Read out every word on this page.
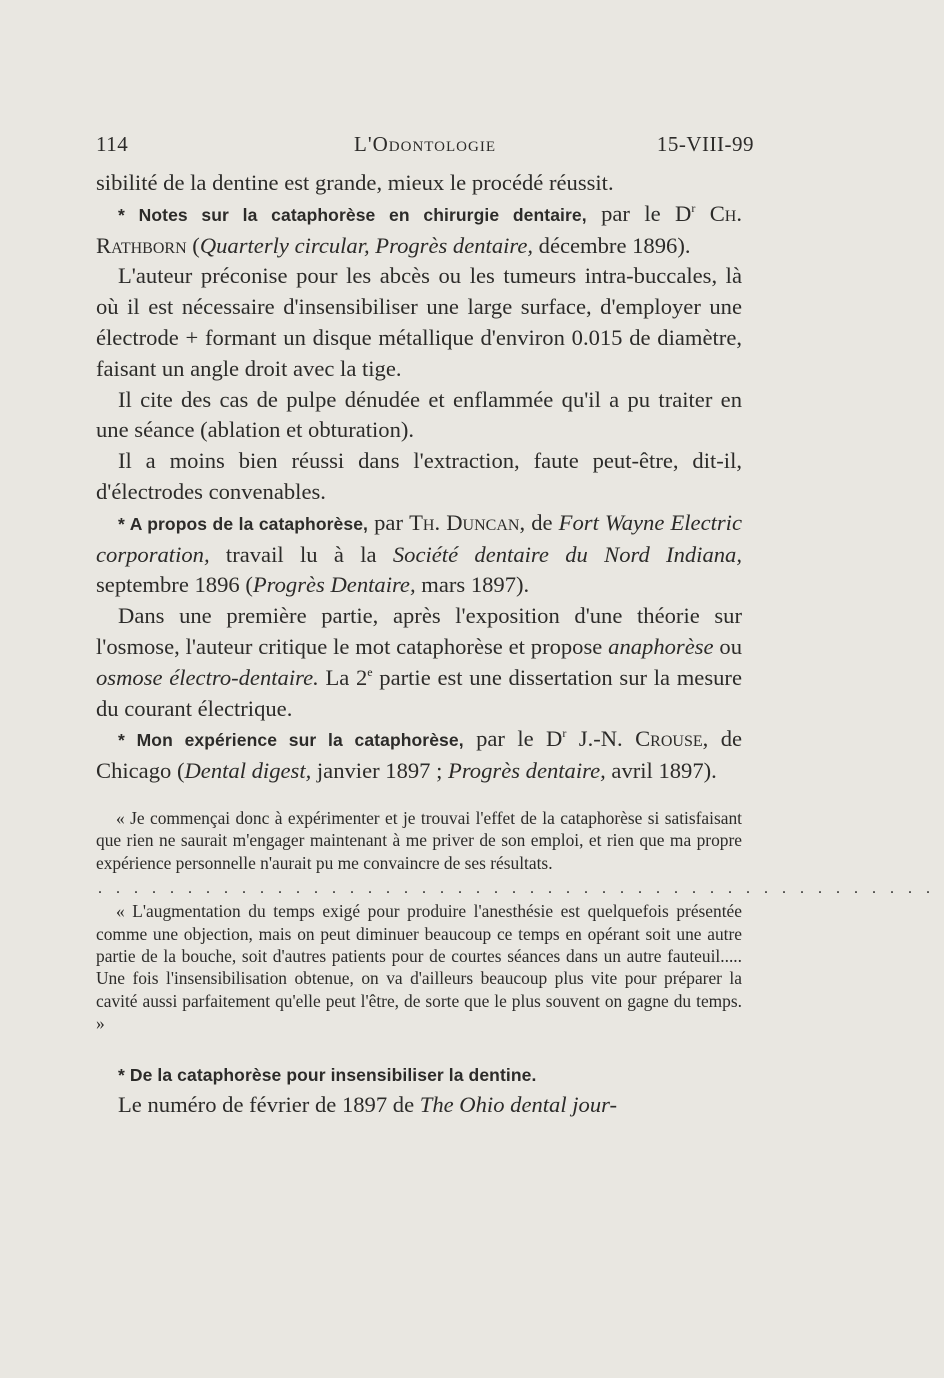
114	L'Odontologie	15-VIII-99

sibilité de la dentine est grande, mieux le procédé réussit.

* Notes sur la cataphorèse en chirurgie dentaire, par le $D^r$ Ch. Rathborn (Quarterly circular, Progrès dentaire, décembre 1896).

L'auteur préconise pour les abcès ou les tumeurs intra-buccales, là où il est nécessaire d'insensibiliser une large surface, d'employer une électrode + formant un disque métallique d'environ 0.015 de diamètre, faisant un angle droit avec la tige.

Il cite des cas de pulpe dénudée et enflammée qu'il a pu traiter en une séance (ablation et obturation).

Il a moins bien réussi dans l'extraction, faute peut-être, dit-il, d'électrodes convenables.

* A propos de la cataphorèse, par Th. Duncan, de Fort Wayne Electric corporation, travail lu à la Société dentaire du Nord Indiana, septembre 1896 (Progrès Dentaire, mars 1897).

Dans une première partie, après l'exposition d'une théorie sur l'osmose, l'auteur critique le mot cataphorèse et propose anaphorèse ou osmose électro-dentaire. La 2e partie est une dissertation sur la mesure du courant électrique.

* Mon expérience sur la cataphorèse, par le $D^r$ J.-N. Crouse, de Chicago (Dental digest, janvier 1897 ; Progrès dentaire, avril 1897).

« Je commençai donc à expérimenter et je trouvai l'effet de la cataphorèse si satisfaisant que rien ne saurait m'engager maintenant à me priver de son emploi, et rien que ma propre expérience personnelle n'aurait pu me convaincre de ses résultats.

...............................................

« L'augmentation du temps exigé pour produire l'anesthésie est quelquefois présentée comme une objection, mais on peut diminuer beaucoup ce temps en opérant soit une autre partie de la bouche, soit d'autres patients pour de courtes séances dans un autre fauteuil..... Une fois l'insensibilisation obtenue, on va d'ailleurs beaucoup plus vite pour préparer la cavité aussi parfaitement qu'elle peut l'être, de sorte que le plus souvent on gagne du temps. »

* De la cataphorèse pour insensibiliser la dentine.

Le numéro de février de 1897 de The Ohio dental jour-
